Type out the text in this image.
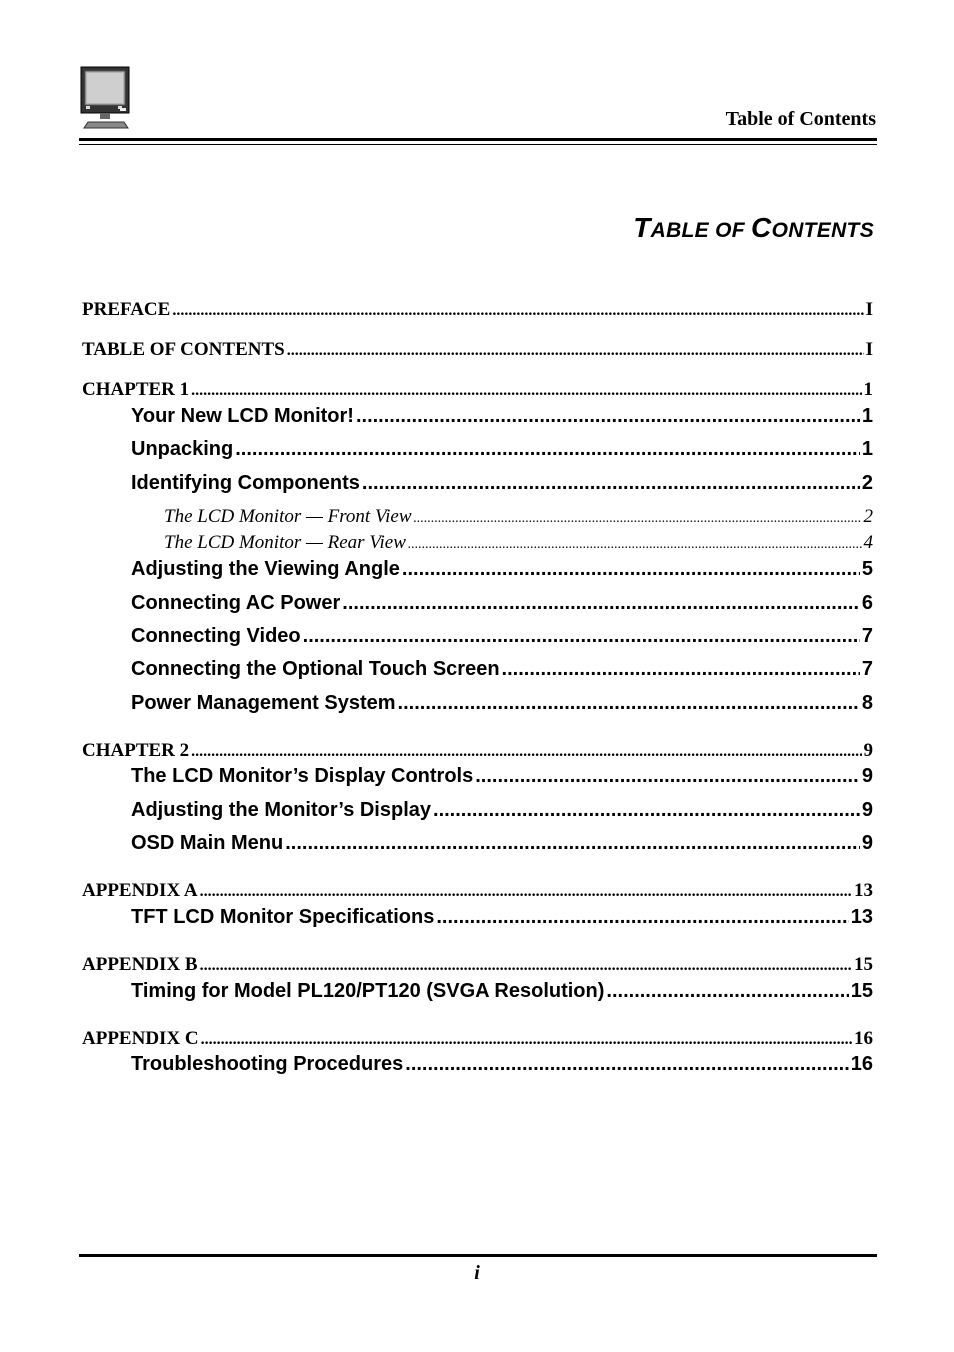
Table of Contents
TABLE OF CONTENTS
PREFACE .....	I
TABLE OF CONTENTS .....	I
CHAPTER 1 .....	1
Your New LCD Monitor! .....	1
Unpacking .....	1
Identifying Components .....	2
The LCD Monitor — Front View .....	2
The LCD Monitor — Rear View .....	4
Adjusting the Viewing Angle .....	5
Connecting AC Power .....	6
Connecting Video .....	7
Connecting the Optional Touch Screen .....	7
Power Management System .....	8
CHAPTER 2 .....	9
The LCD Monitor’s Display Controls .....	9
Adjusting the Monitor’s Display .....	9
OSD Main Menu .....	9
APPENDIX A .....	13
TFT LCD Monitor Specifications .....	13
APPENDIX B .....	15
Timing for Model PL120/PT120 (SVGA Resolution) .....	15
APPENDIX C .....	16
Troubleshooting Procedures .....	16
i
